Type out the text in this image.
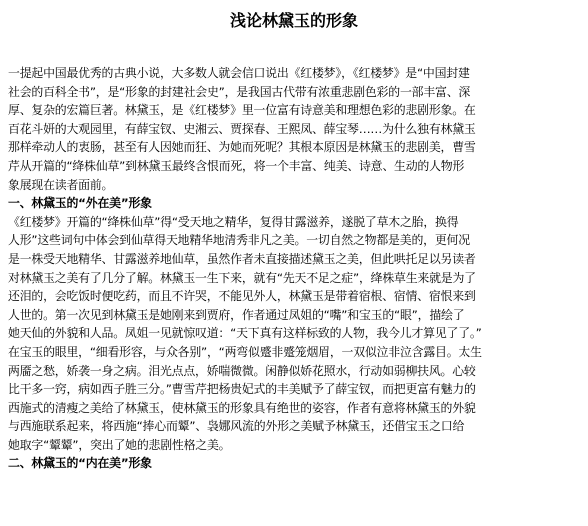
浅论林黛玉的形象
一提起中国最优秀的古典小说，大多数人就会信口说出《红楼梦》，《红楼梦》是“中国封建
社会的百科全书”，是“形象的封建社会史”，是我国古代带有浓重悲剧色彩的一部丰富、深
厚、复杂的宏篇巨著。林黛玉，是《红楼梦》里一位富有诗意美和理想色彩的悲剧形象。在
百花斗妍的大观园里，有薛宝钗、史湘云、贾探春、王熙凤、薛宝琴……为什么独有林黛玉
那样牵动人的衷肠，甚至有人因她而狂、为她而死呢？其根本原因是林黛玉的悲剧美，曹雪
芹从开篇的“绛株仙草”到林黛玉最终含恨而死，将一个丰富、纯美、诗意、生动的人物形
象展现在读者面前。
一、林黛玉的“外在美”形象
《红楼梦》开篇的“绛株仙草”得“受天地之精华，复得甘露滋养，遂脱了草木之胎，换得
人形”这些词句中体会到仙草得天地精华地清秀非凡之美。一切自然之物都是美的，更何况
是一株受天地精华、甘露滋养地仙草，虽然作者未直接描述黛玉之美，但此哄托足以另读者
对林黛玉之美有了几分了解。林黛玉一生下来，就有“先天不足之症”，绛株草生来就是为了
还泪的，会吃饭时便吃药，而且不许哭，不能见外人，林黛玉是带着宿根、宿情、宿恨来到
人世的。第一次见到林黛玉是她刚来到贾府，作者通过凤姐的“嘴”和宝玉的“眼”，描绘了
她天仙的外貌和人品。凤姐一见就惊叹道：“天下真有这样标致的人物，我今儿才算见了了。”
在宝玉的眼里，“细看形容，与众各别”，“两弯似蹙非蹙笼烟眉，一双似泣非泣含露目。太生
两靥之愁，娇袭一身之病。泪光点点，娇喘微微。闲静似娇花照水，行动如弱柳扶风。心较
比干多一窍，病如西子胜三分。”曹雪芹把杨贵妃式的丰美赋予了薛宝钗，而把更富有魅力的
西施式的清瘦之美给了林黛玉，使林黛玉的形象具有绝世的姿容，作者有意将林黛玉的外貌
与西施联系起来，将西施“捧心而颦”、袅娜风流的外形之美赋予林黛玉，还借宝玉之口给
她取字“颦颦”，突出了她的悲剧性格之美。
二、林黛玉的“内在美”形象
